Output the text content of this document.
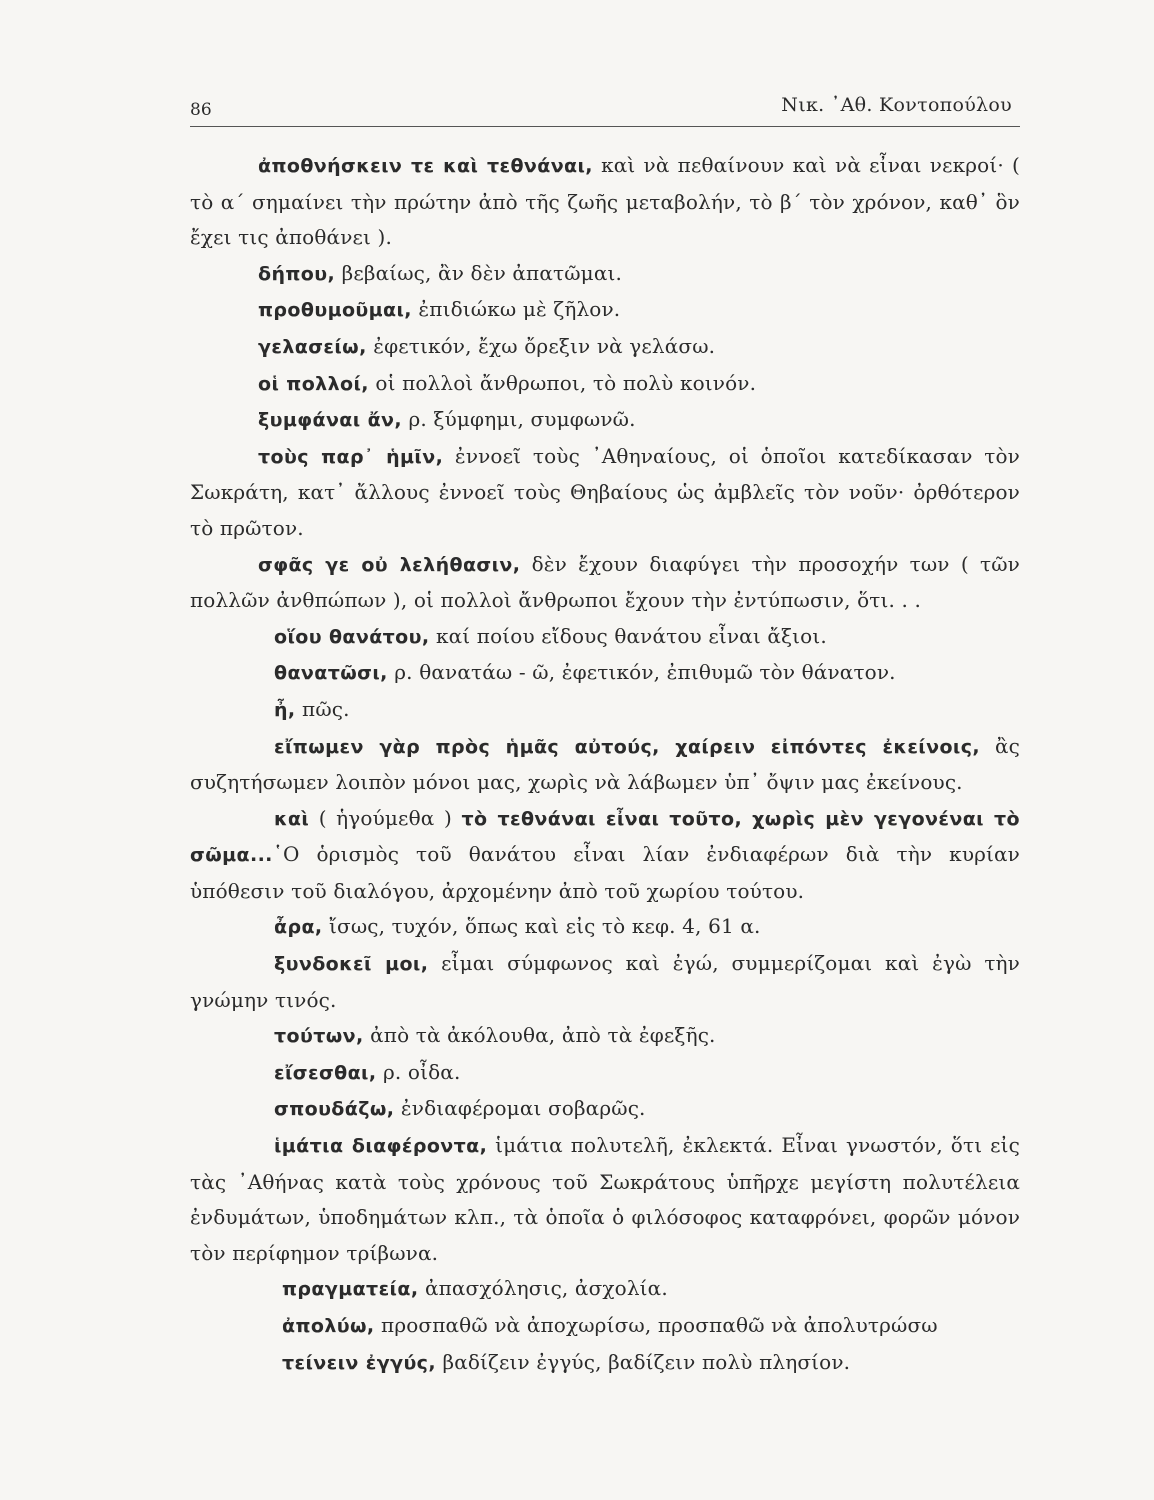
86	Νικ. ᾿Αθ. Κοντοπούλου

ἀποθνήσκειν τε καὶ τεθνάναι, καὶ νὰ πεθαίνουν καὶ νὰ εἶναι νεκροί· ( τὸ α΄ σημαίνει τὴν πρώτην ἀπὸ τῆς ζωῆς μεταβολήν, τὸ β΄ τὸν χρόνον, καθ᾿ ὃν ἔχει τις ἀποθάνει ).

δήπου, βεβαίως, ἂν δὲν ἀπατῶμαι.

προθυμοῦμαι, ἐπιδιώκω μὲ ζῆλον.

γελασείω, ἐφετικόν, ἔχω ὄρεξιν νὰ γελάσω.

οἱ πολλοί, οἱ πολλοὶ ἄνθρωποι, τὸ πολὺ κοινόν.

ξυμφάναι ἄν, ρ. ξύμφημι, συμφωνῶ.

τοὺς παρ᾿ ἡμῖν, ἐννοεῖ τοὺς ᾿Αθηναίους, οἱ ὁποῖοι κατεδίκασαν τὸν Σωκράτη, κατ᾿ ἄλλους ἐννοεῖ τοὺς Θηβαίους ὡς ἀμβλεῖς τὸν νοῦν· ὀρθότερον τὸ πρῶτον.

σφᾶς γε οὐ λελήθασιν, δὲν ἔχουν διαφύγει τὴν προσοχήν των ( τῶν πολλῶν ἀνθπώπων ), οἱ πολλοὶ ἄνθρωποι ἔχουν τὴν ἐντύπωσιν, ὅτι. . .

οἵου θανάτου, καί ποίου εἴδους θανάτου εἶναι ἄξιοι.

θανατῶσι, ρ. θανατάω - ῶ, ἐφετικόν, ἐπιθυμῶ τὸν θάνατον.

ἦ, πῶς.

εἴπωμεν γὰρ πρὸς ἡμᾶς αὐτούς, χαίρειν εἰπόντες ἐκείνοις, ἂς συζητήσωμεν λοιπὸν μόνοι μας, χωρὶς νὰ λάβωμεν ὑπ᾿ ὄψιν μας ἐκείνους.

καὶ ( ἡγούμεθα ) τὸ τεθνάναι εἶναι τοῦτο, χωρὶς μὲν γεγονέναι τὸ σῶμα...῾Ο ὁρισμὸς τοῦ θανάτου εἶναι λίαν ἐνδιαφέρων διὰ τὴν κυρίαν ὑπόθεσιν τοῦ διαλόγου, ἀρχομένην ἀπὸ τοῦ χωρίου τούτου.

ἆρα, ἴσως, τυχόν, ὅπως καὶ εἰς τὸ κεφ. 4, 61 α.

ξυνδοκεῖ μοι, εἶμαι σύμφωνος καὶ ἐγώ, συμμερίζομαι καὶ ἐγὼ τὴν γνώμην τινός.

τούτων, ἀπὸ τὰ ἀκόλουθα, ἀπὸ τὰ ἐφεξῆς.

εἴσεσθαι, ρ. οἶδα.

σπουδάζω, ἐνδιαφέρομαι σοβαρῶς.

ἱμάτια διαφέροντα, ἱμάτια πολυτελῆ, ἐκλεκτά. Εἶναι γνωστόν, ὅτι εἰς τὰς ᾿Αθήνας κατὰ τοὺς χρόνους τοῦ Σωκράτους ὑπῆρχε μεγίστη πολυτέλεια ἐνδυμάτων, ὑποδημάτων κλπ., τὰ ὁποῖα ὁ φιλόσοφος καταφρόνει, φορῶν μόνον τὸν περίφημον τρίβωνα.

πραγματεία, ἀπασχόλησις, ἀσχολία.

ἀπολύω, προσπαθῶ νὰ ἀποχωρίσω, προσπαθῶ νὰ ἀπολυτρώσω

τείνειν ἐγγύς, βαδίζειν ἐγγύς, βαδίζειν πολὺ πλησίον.
